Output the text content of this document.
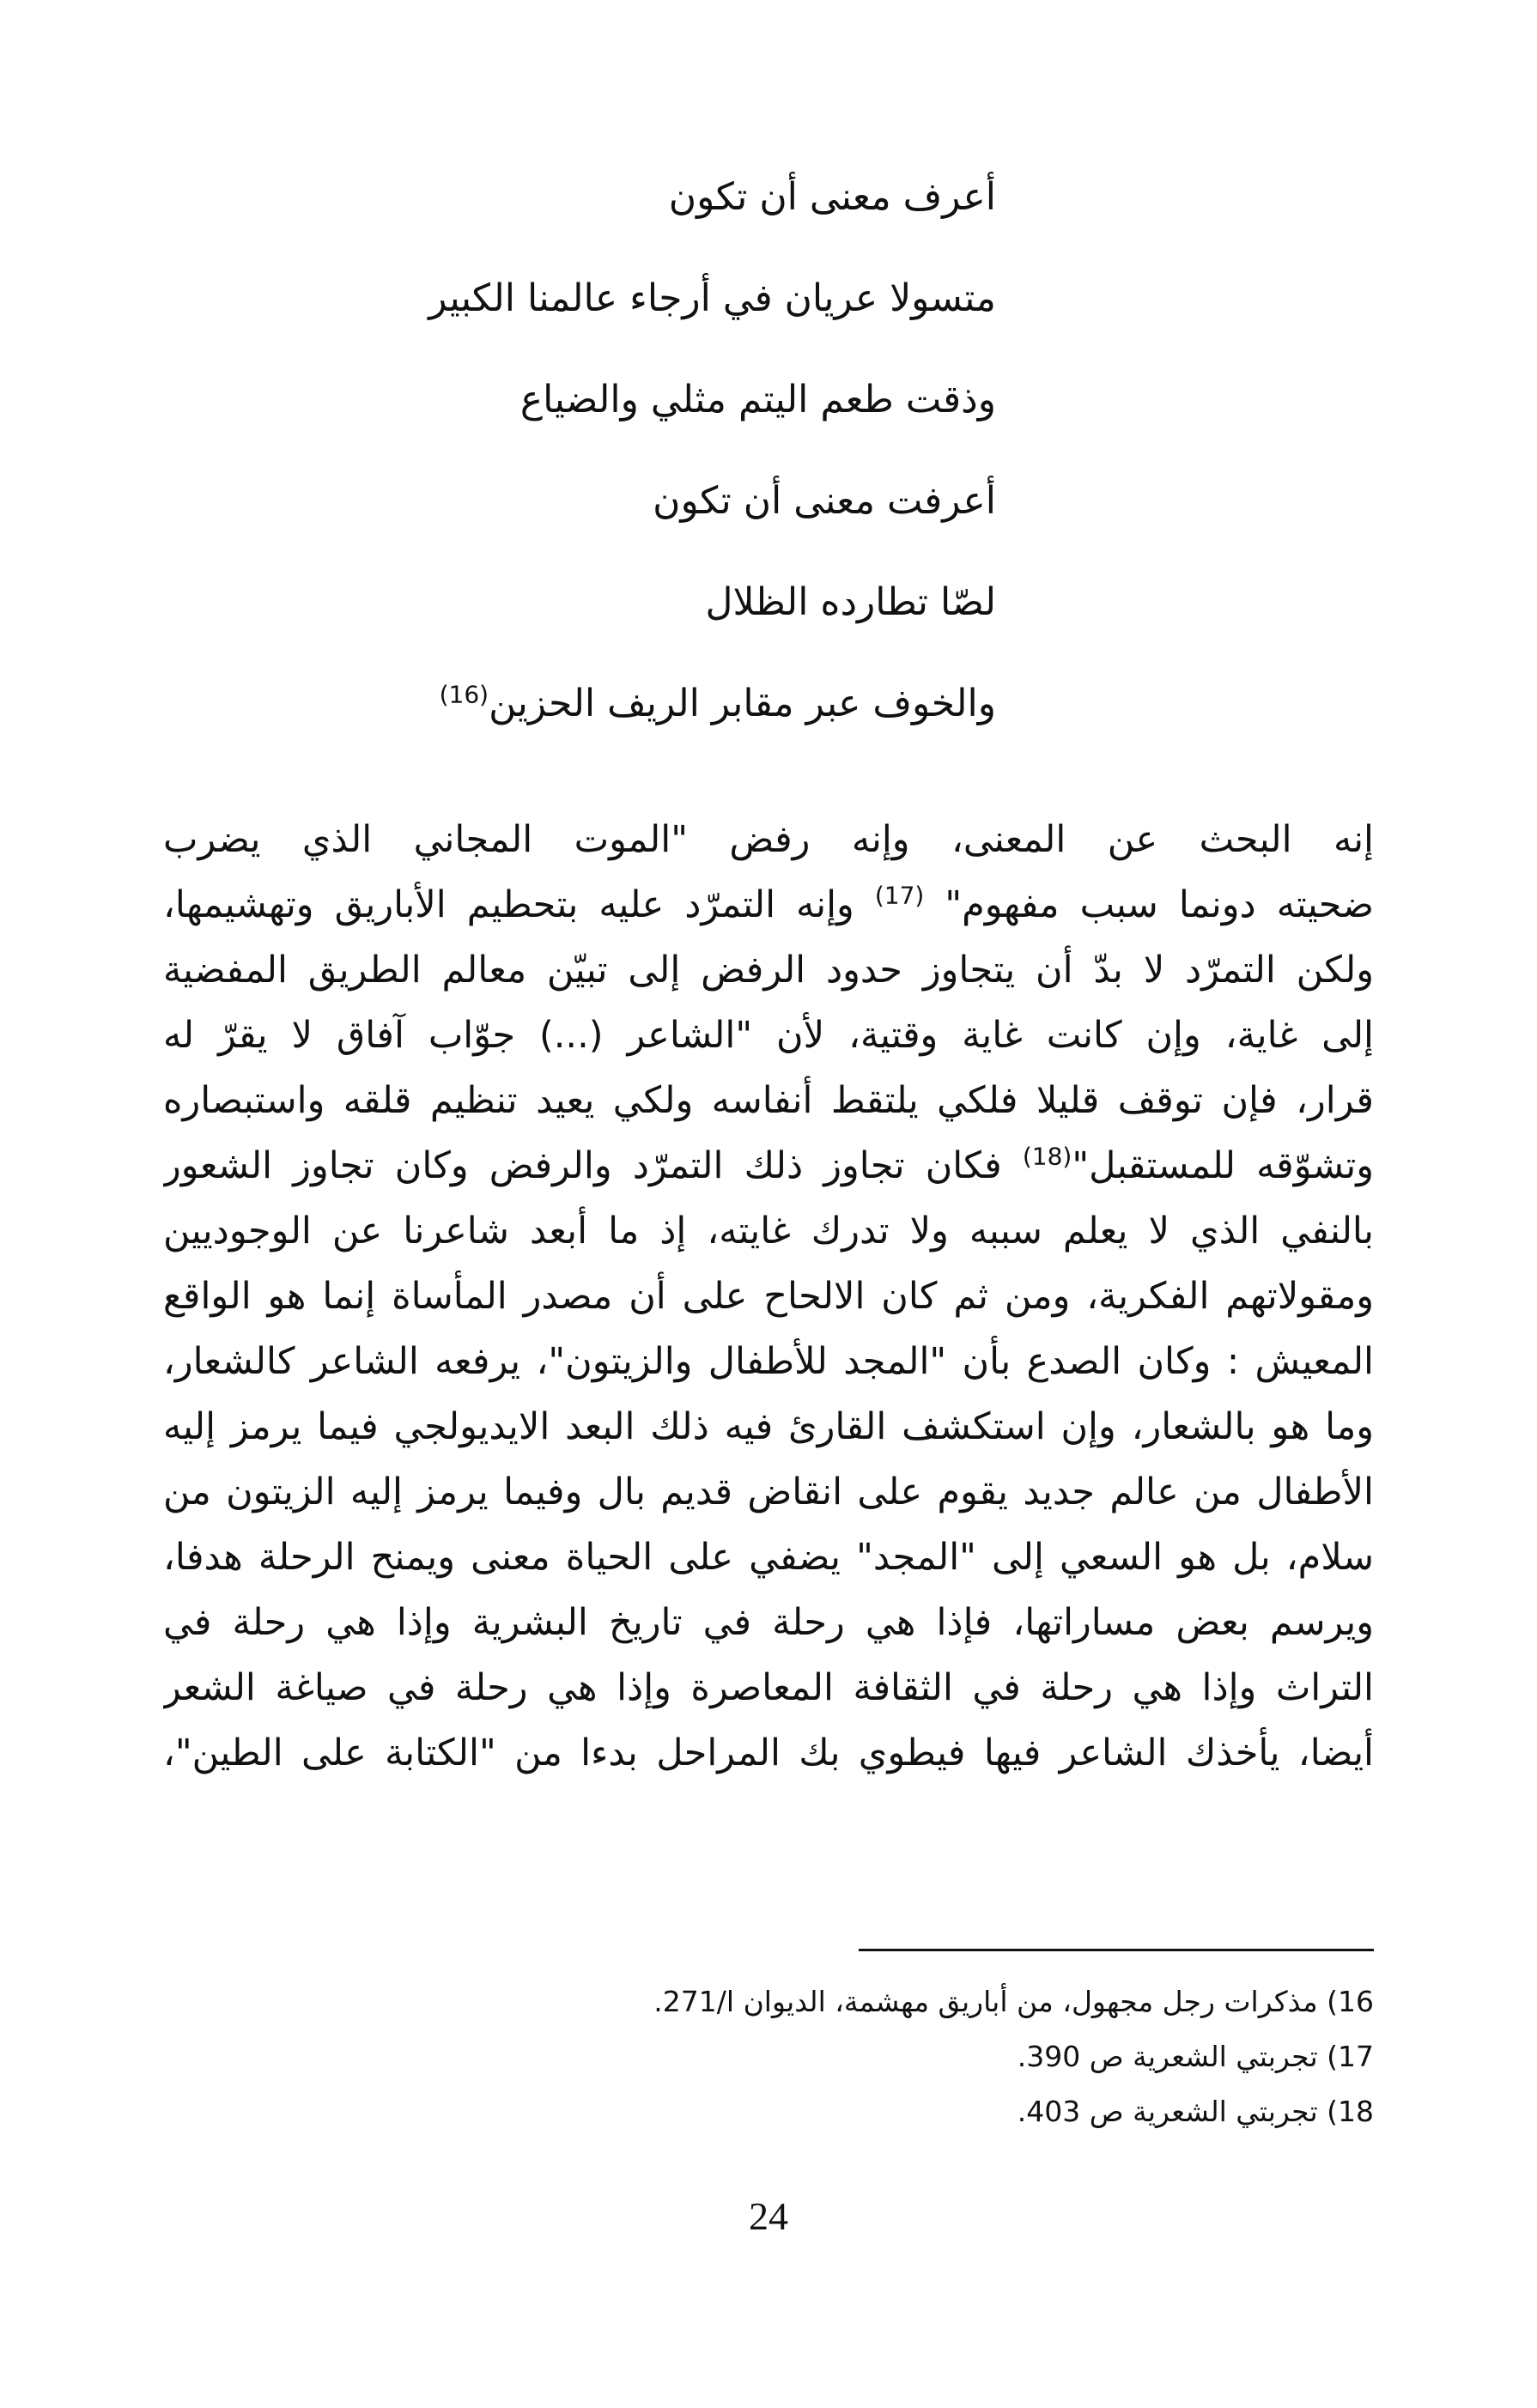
أعرف معنى أن تكون
متسولا عريان في أرجاء عالمنا الكبير
وذقت طعم اليتم مثلي والضياع
أعرفت معنى أن تكون
لصّا تطارده الظلال
والخوف عبر مقابر الريف الحزين$^{(16)}$
إنه البحث عن المعنى، وإنه رفض "الموت المجاني الذي يضرب
ضحيته دونما سبب مفهوم" $^{(17)}$ وإنه التمرّد عليه بتحطيم الأباريق وتهشيمها،
ولكن التمرّد لا بدّ أن يتجاوز حدود الرفض إلى تبيّن معالم الطريق المفضية
إلى غاية، وإن كانت غاية وقتية، لأن "الشاعر (...) جوّاب آفاق لا يقرّ له
قرار، فإن توقف قليلا فلكي يلتقط أنفاسه ولكي يعيد تنظيم قلقه واستبصاره
وتشوّقه للمستقبل"$^{(18)}$ فكان تجاوز ذلك التمرّد والرفض وكان تجاوز الشعور
بالنفي الذي لا يعلم سببه ولا تدرك غايته، إذ ما أبعد شاعرنا عن الوجوديين
ومقولاتهم الفكرية، ومن ثم كان الالحاح على أن مصدر المأساة إنما هو الواقع
المعيش : وكان الصدع بأن "المجد للأطفال والزيتون"، يرفعه الشاعر كالشعار،
وما هو بالشعار، وإن استكشف القارئ فيه ذلك البعد الايديولجي فيما يرمز إليه
الأطفال من عالم جديد يقوم على انقاض قديم بال وفيما يرمز إليه الزيتون من
سلام، بل هو السعي إلى "المجد" يضفي على الحياة معنى ويمنح الرحلة هدفا،
ويرسم بعض مساراتها، فإذا هي رحلة في تاريخ البشرية وإذا هي رحلة في
التراث وإذا هي رحلة في الثقافة المعاصرة وإذا هي رحلة في صياغة الشعر
أيضا، يأخذك الشاعر فيها فيطوي بك المراحل بدءا من "الكتابة على الطين"،
16) مذكرات رجل مجهول، من أباريق مهشمة، الديوان ا/271.
17) تجربتي الشعرية ص 390.
18) تجربتي الشعرية ص 403.
24
